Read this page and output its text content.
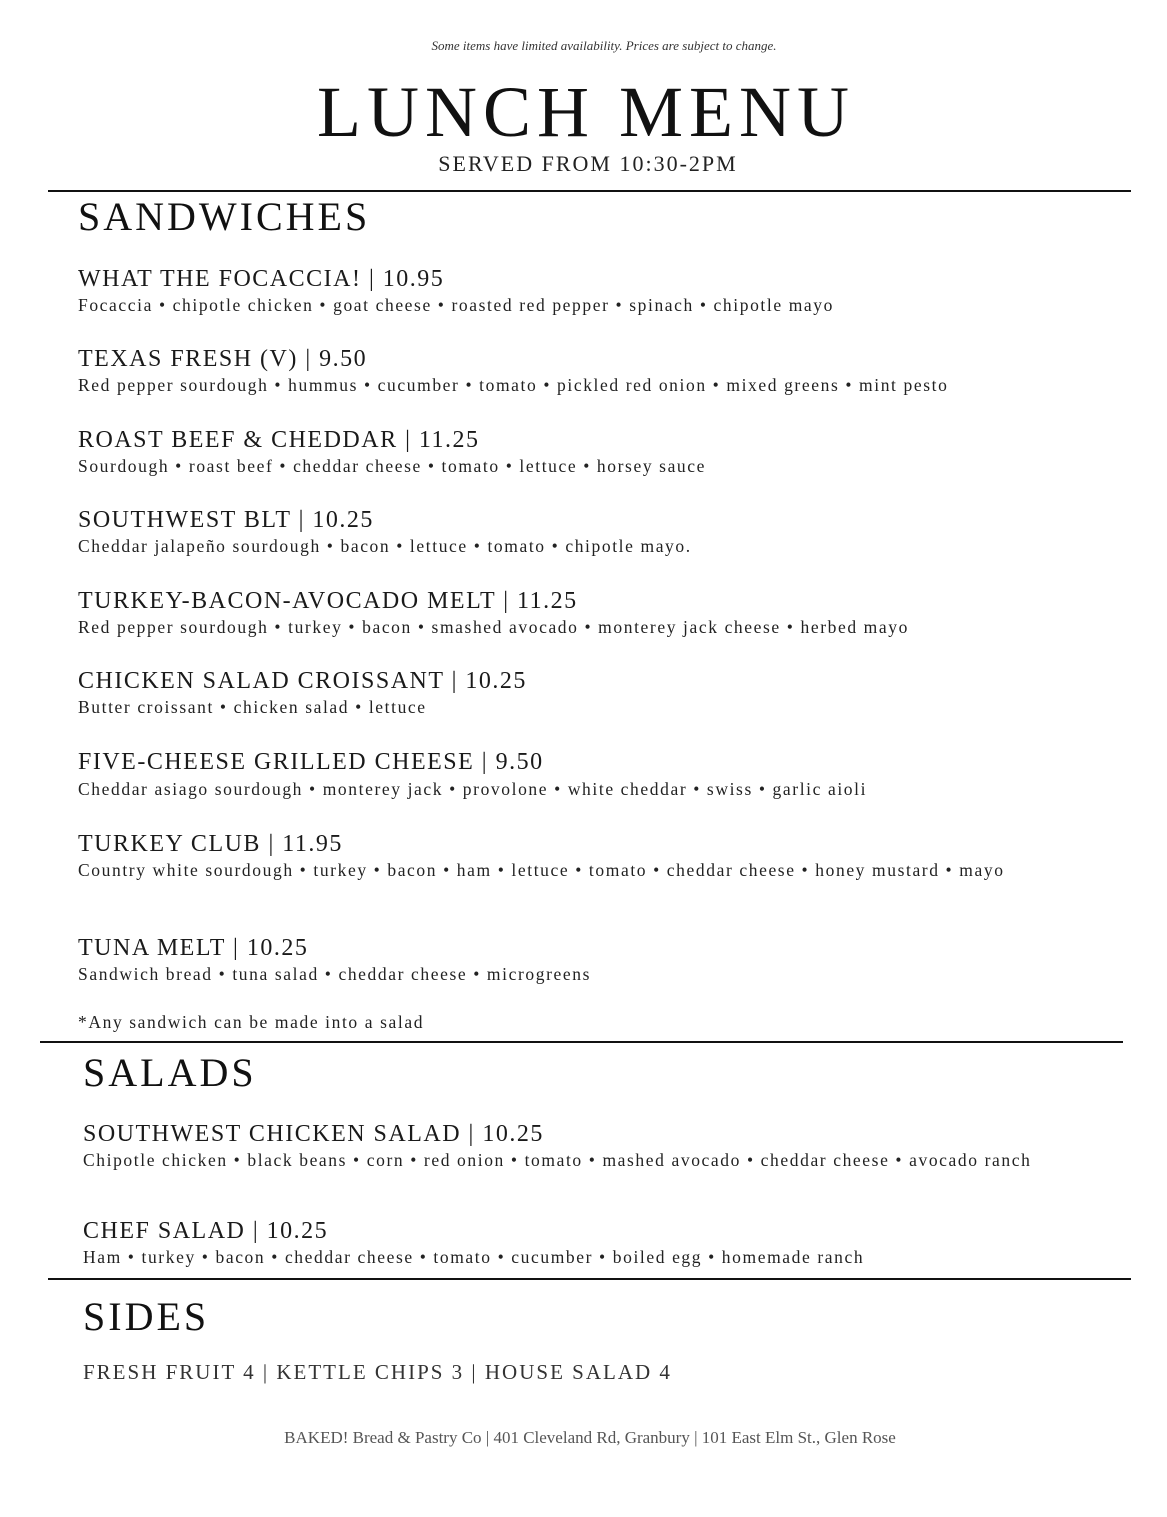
Some items have limited availability. Prices are subject to change.
LUNCH MENU
SERVED FROM 10:30-2PM
SANDWICHES
WHAT THE FOCACCIA! | 10.95
Focaccia • chipotle chicken • goat cheese • roasted red pepper • spinach • chipotle mayo
TEXAS FRESH (V) | 9.50
Red pepper sourdough • hummus • cucumber • tomato • pickled red onion • mixed greens • mint pesto
ROAST BEEF & CHEDDAR | 11.25
Sourdough • roast beef • cheddar cheese • tomato • lettuce • horsey sauce
SOUTHWEST BLT | 10.25
Cheddar jalapeño sourdough • bacon • lettuce • tomato • chipotle mayo.
TURKEY-BACON-AVOCADO MELT | 11.25
Red pepper sourdough • turkey • bacon • smashed avocado • monterey jack cheese • herbed mayo
CHICKEN SALAD CROISSANT | 10.25
Butter croissant • chicken salad • lettuce
FIVE-CHEESE GRILLED CHEESE | 9.50
Cheddar asiago sourdough • monterey jack • provolone • white cheddar • swiss • garlic aioli
TURKEY CLUB | 11.95
Country white sourdough • turkey • bacon • ham • lettuce • tomato • cheddar cheese • honey mustard • mayo
TUNA MELT | 10.25
Sandwich bread • tuna salad • cheddar cheese • microgreens
*Any sandwich can be made into a salad
SALADS
SOUTHWEST CHICKEN SALAD | 10.25
Chipotle chicken • black beans • corn • red onion • tomato • mashed avocado • cheddar cheese • avocado ranch
CHEF SALAD | 10.25
Ham • turkey • bacon • cheddar cheese • tomato • cucumber • boiled egg • homemade ranch
SIDES
FRESH FRUIT 4 | KETTLE CHIPS 3 | HOUSE SALAD 4
BAKED! Bread & Pastry Co | 401 Cleveland Rd, Granbury | 101 East Elm St., Glen Rose
